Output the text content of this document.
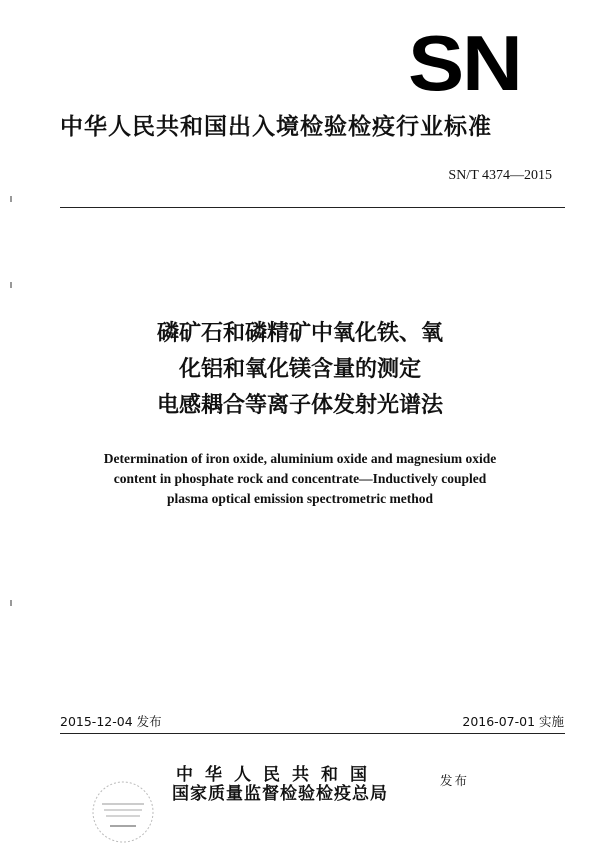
SN
中华人民共和国出入境检验检疫行业标准
SN/T 4374—2015
磷矿石和磷精矿中氧化铁、氧
化铝和氧化镁含量的测定
电感耦合等离子体发射光谱法
Determination of iron oxide, aluminium oxide and magnesium oxide
content in phosphate rock and concentrate—Inductively coupled
plasma optical emission spectrometric method
2015-12-04 发布	2016-07-01 实施
中华人民共和国
国家质量监督检验检疫总局
发布
